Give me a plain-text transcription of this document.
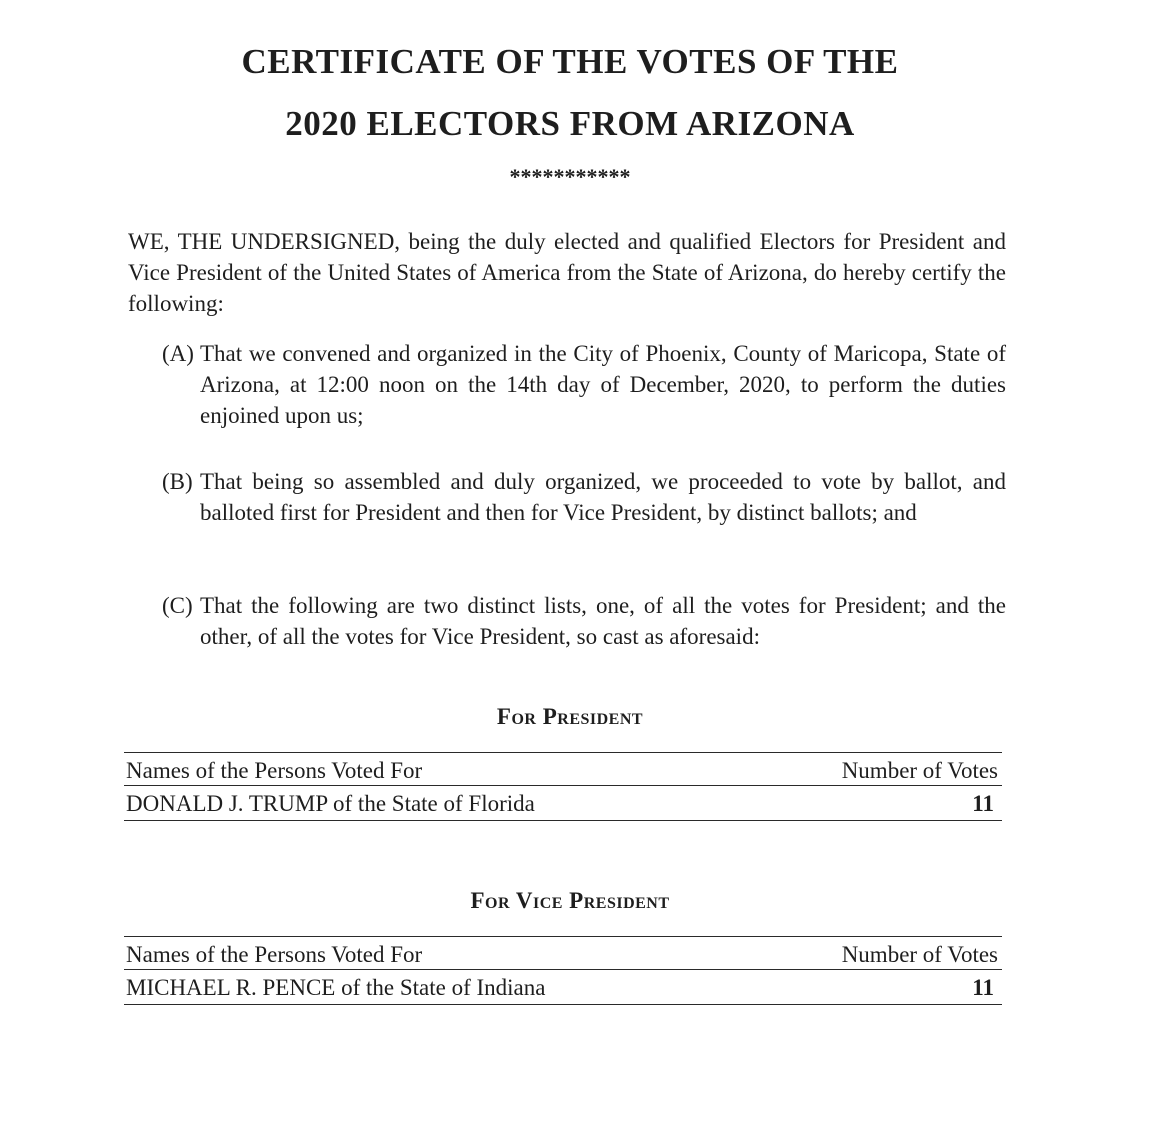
CERTIFICATE OF THE VOTES OF THE
2020 ELECTORS FROM ARIZONA
***********

WE, THE UNDERSIGNED, being the duly elected and qualified Electors for President and Vice President of the United States of America from the State of Arizona, do hereby certify the following:

(A) That we convened and organized in the City of Phoenix, County of Maricopa, State of Arizona, at 12:00 noon on the 14th day of December, 2020, to perform the duties enjoined upon us;
(B) That being so assembled and duly organized, we proceeded to vote by ballot, and balloted first for President and then for Vice President, by distinct ballots; and
(C) That the following are two distinct lists, one, of all the votes for President; and the other, of all the votes for Vice President, so cast as aforesaid:
For President
Names of the Persons Voted For	Number of Votes
DONALD J. TRUMP of the State of Florida	11
For Vice President
Names of the Persons Voted For	Number of Votes
MICHAEL R. PENCE of the State of Indiana	11
